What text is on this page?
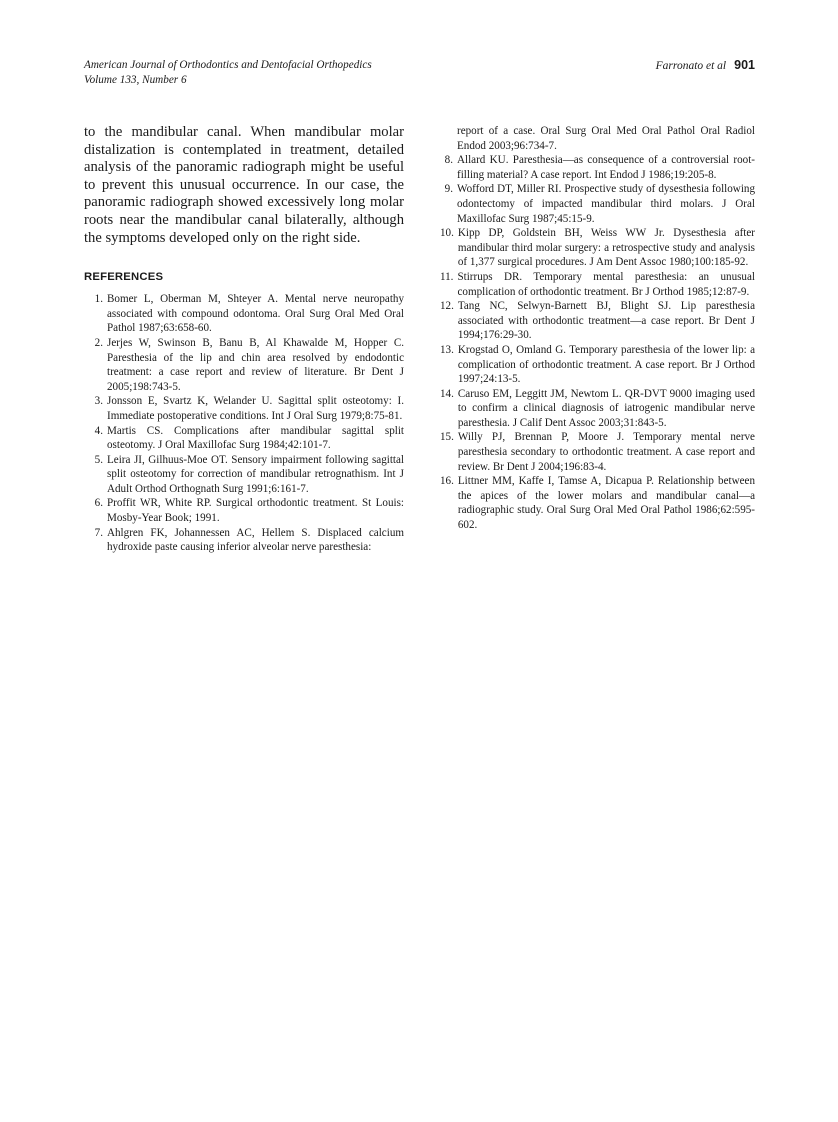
American Journal of Orthodontics and Dentofacial Orthopedics
Volume 133, Number 6
Farronato et al 901

to the mandibular canal. When mandibular molar distalization is contemplated in treatment, detailed analysis of the panoramic radiograph might be useful to prevent this unusual occurrence. In our case, the panoramic radiograph showed excessively long molar roots near the mandibular canal bilaterally, although the symptoms developed only on the right side.

REFERENCES
1. Bomer L, Oberman M, Shteyer A. Mental nerve neuropathy associated with compound odontoma. Oral Surg Oral Med Oral Pathol 1987;63:658-60.
2. Jerjes W, Swinson B, Banu B, Al Khawalde M, Hopper C. Paresthesia of the lip and chin area resolved by endodontic treatment: a case report and review of literature. Br Dent J 2005;198:743-5.
3. Jonsson E, Svartz K, Welander U. Sagittal split osteotomy: I. Immediate postoperative conditions. Int J Oral Surg 1979;8:75-81.
4. Martis CS. Complications after mandibular sagittal split osteotomy. J Oral Maxillofac Surg 1984;42:101-7.
5. Leira JI, Gilhuus-Moe OT. Sensory impairment following sagittal split osteotomy for correction of mandibular retrognathism. Int J Adult Orthod Orthognath Surg 1991;6:161-7.
6. Proffit WR, White RP. Surgical orthodontic treatment. St Louis: Mosby-Year Book; 1991.
7. Ahlgren FK, Johannessen AC, Hellem S. Displaced calcium hydroxide paste causing inferior alveolar nerve paresthesia:
report of a case. Oral Surg Oral Med Oral Pathol Oral Radiol Endod 2003;96:734-7.
8. Allard KU. Paresthesia—as consequence of a controversial root-filling material? A case report. Int Endod J 1986;19:205-8.
9. Wofford DT, Miller RI. Prospective study of dysesthesia following odontectomy of impacted mandibular third molars. J Oral Maxillofac Surg 1987;45:15-9.
10. Kipp DP, Goldstein BH, Weiss WW Jr. Dysesthesia after mandibular third molar surgery: a retrospective study and analysis of 1,377 surgical procedures. J Am Dent Assoc 1980;100:185-92.
11. Stirrups DR. Temporary mental paresthesia: an unusual complication of orthodontic treatment. Br J Orthod 1985;12:87-9.
12. Tang NC, Selwyn-Barnett BJ, Blight SJ. Lip paresthesia associated with orthodontic treatment—a case report. Br Dent J 1994;176:29-30.
13. Krogstad O, Omland G. Temporary paresthesia of the lower lip: a complication of orthodontic treatment. A case report. Br J Orthod 1997;24:13-5.
14. Caruso EM, Leggitt JM, Newtom L. QR-DVT 9000 imaging used to confirm a clinical diagnosis of iatrogenic mandibular nerve paresthesia. J Calif Dent Assoc 2003;31:843-5.
15. Willy PJ, Brennan P, Moore J. Temporary mental nerve paresthesia secondary to orthodontic treatment. A case report and review. Br Dent J 2004;196:83-4.
16. Littner MM, Kaffe I, Tamse A, Dicapua P. Relationship between the apices of the lower molars and mandibular canal—a radiographic study. Oral Surg Oral Med Oral Pathol 1986;62:595-602.
